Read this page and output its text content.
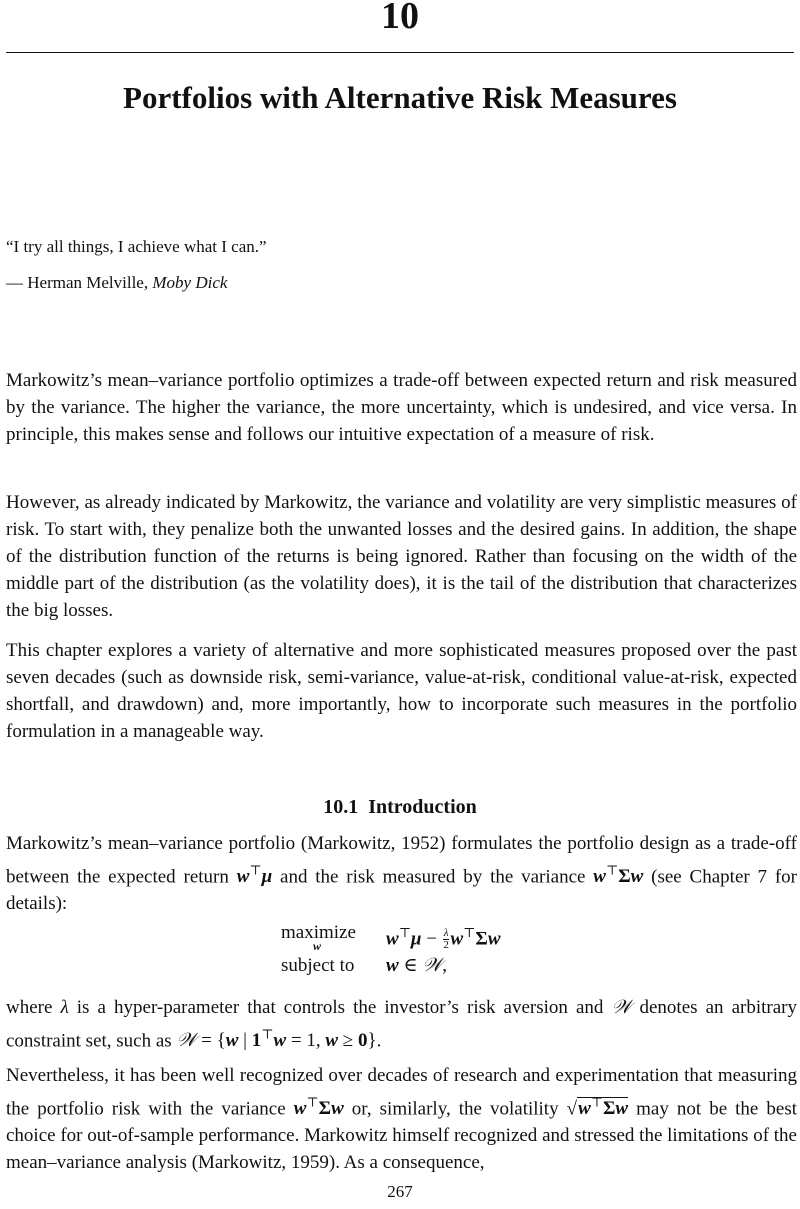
10
Portfolios with Alternative Risk Measures
“I try all things, I achieve what I can.”
— Herman Melville, Moby Dick

Markowitz’s mean–variance portfolio optimizes a trade-off between expected return and risk measured by the variance. The higher the variance, the more uncertainty, which is undesired, and vice versa. In principle, this makes sense and follows our intuitive expectation of a measure of risk.

However, as already indicated by Markowitz, the variance and volatility are very simplistic measures of risk. To start with, they penalize both the unwanted losses and the desired gains. In addition, the shape of the distribution function of the returns is being ignored. Rather than focusing on the width of the middle part of the distribution (as the volatility does), it is the tail of the distribution that characterizes the big losses.

This chapter explores a variety of alternative and more sophisticated measures proposed over the past seven decades (such as downside risk, semi-variance, value-at-risk, conditional value-at-risk, expected shortfall, and drawdown) and, more importantly, how to incorporate such measures in the portfolio formulation in a manageable way.

10.1 Introduction

Markowitz’s mean–variance portfolio (Markowitz, 1952) formulates the portfolio design as a trade-off between the expected return w⊤μ and the risk measured by the variance w⊤Σw (see Chapter 7 for details):

maximize
w	$w^⊤\mu - \frac{\lambda}{2} w^⊤\Sigma w$
subject to w ∈ 𝒲,

where λ is a hyper-parameter that controls the investor’s risk aversion and 𝒲 denotes an arbitrary constraint set, such as 𝒲 = {w | 1⊤w = 1, w ≥ 0}.

Nevertheless, it has been well recognized over decades of research and experimentation that measuring the portfolio risk with the variance w⊤Σw or, similarly, the volatility √w⊤Σw may not be the best choice for out-of-sample performance. Markowitz himself recognized and stressed the limitations of the mean–variance analysis (Markowitz, 1959). As a consequence,

267
